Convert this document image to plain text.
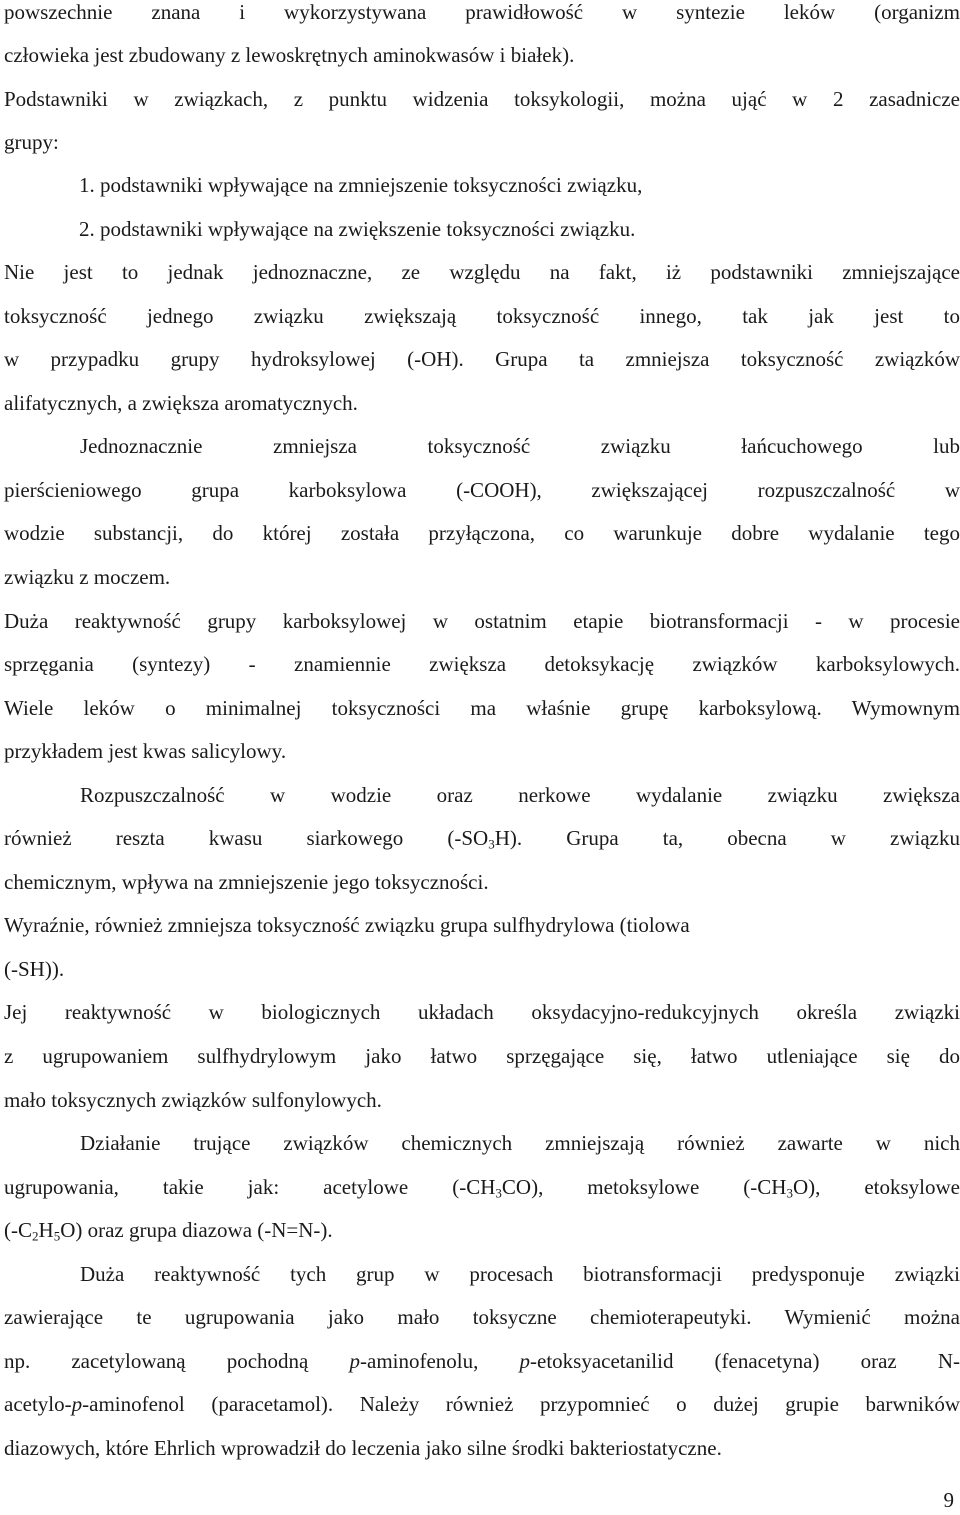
powszechnie znana i wykorzystywana prawidłowość w syntezie leków (organizm
człowieka jest zbudowany z lewoskrętnych aminokwasów i białek).
Podstawniki w związkach, z punktu widzenia toksykologii, można ująć w 2 zasadnicze
grupy:
1. podstawniki wpływające na zmniejszenie toksyczności związku,
2. podstawniki wpływające na zwiększenie toksyczności związku.
Nie jest to jednak jednoznaczne, ze względu na fakt, iż podstawniki zmniejszające
toksyczność jednego związku zwiększają toksyczność innego, tak jak jest to
w przypadku grupy hydroksylowej (-OH). Grupa ta zmniejsza toksyczność związków
alifatycznych, a zwiększa aromatycznych.
Jednoznacznie zmniejsza toksyczność związku łańcuchowego lub
pierścieniowego grupa karboksylowa (-COOH), zwiększającej rozpuszczalność w
wodzie substancji, do której została przyłączona, co warunkuje dobre wydalanie tego
związku z moczem.
Duża reaktywność grupy karboksylowej w ostatnim etapie biotransformacji - w procesie
sprzęgania (syntezy) - znamiennie zwiększa detoksykację związków karboksylowych.
Wiele leków o minimalnej toksyczności ma właśnie grupę karboksylową. Wymownym
przykładem jest kwas salicylowy.
Rozpuszczalność w wodzie oraz nerkowe wydalanie związku zwiększa
również reszta kwasu siarkowego $(-SO_3H)$. Grupa ta, obecna w związku
chemicznym, wpływa na zmniejszenie jego toksyczności.
Wyraźnie, również zmniejsza toksyczność związku grupa sulfhydrylowa (tiolowa
(-SH)).
Jej reaktywność w biologicznych układach oksydacyjno-redukcyjnych określa związki
z ugrupowaniem sulfhydrylowym jako łatwo sprzęgające się, łatwo utleniające się do
mało toksycznych związków sulfonylowych.
Działanie trujące związków chemicznych zmniejszają również zawarte w nich
ugrupowania, takie jak: acetylowe $(-CH_3CO)$, metoksylowe $(-CH_3O)$, etoksylowe
$(-C_2H_5O)$ oraz grupa diazowa (-N=N-).
Duża reaktywność tych grup w procesach biotransformacji predysponuje związki
zawierające te ugrupowania jako mało toksyczne chemioterapeutyki. Wymienić można
np. zacetylowaną pochodną p-aminofenolu, p-etoksyacetanilid (fenacetyna) oraz N-
acetylo-p-aminofenol (paracetamol). Należy również przypomnieć o dużej grupie barwników
diazowych, które Ehrlich wprowadził do leczenia jako silne środki bakteriostatyczne.
9
